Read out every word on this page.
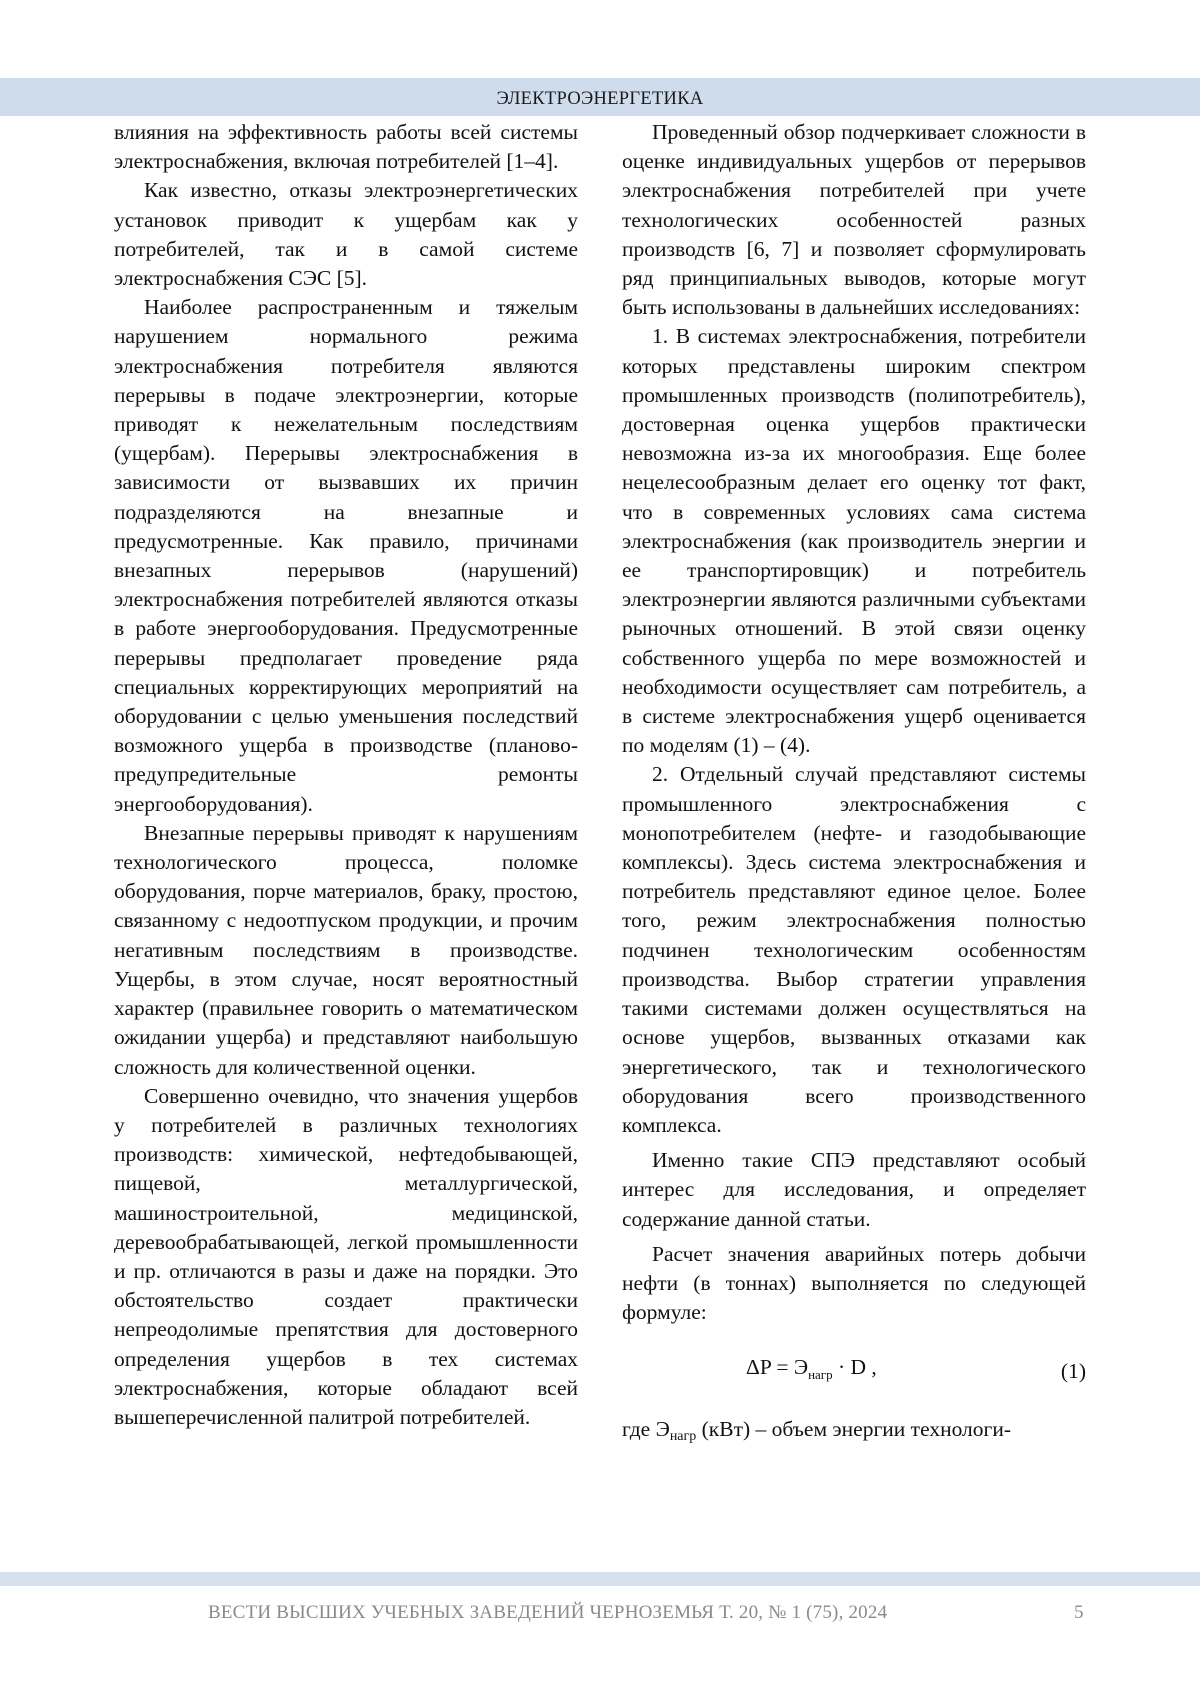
ЭЛЕКТРОЭНЕРГЕТИКА

влияния на эффективность работы всей системы электроснабжения, включая потребителей [1–4].

Как известно, отказы электроэнергетических установок приводит к ущербам как у потребителей, так и в самой системе электроснабжения СЭС [5].

Наиболее распространенным и тяжелым нарушением нормального режима электроснабжения потребителя являются перерывы в подаче электроэнергии, которые приводят к нежелательным последствиям (ущербам). Перерывы электроснабжения в зависимости от вызвавших их причин подразделяются на внезапные и предусмотренные. Как правило, причинами внезапных перерывов (нарушений) электроснабжения потребителей являются отказы в работе энергооборудования. Предусмотренные перерывы предполагает проведение ряда специальных корректирующих мероприятий на оборудовании с целью уменьшения последствий возможного ущерба в производстве (планово-предупредительные ремонты энергооборудования).

Внезапные перерывы приводят к нарушениям технологического процесса, поломке оборудования, порче материалов, браку, простою, связанному с недоотпуском продукции, и прочим негативным последствиям в производстве. Ущербы, в этом случае, носят вероятностный характер (правильнее говорить о математическом ожидании ущерба) и представляют наибольшую сложность для количественной оценки.

Совершенно очевидно, что значения ущербов у потребителей в различных технологиях производств: химической, нефтедобывающей, пищевой, металлургической, машиностроительной, медицинской, деревообрабатывающей, легкой промышленности и пр. отличаются в разы и даже на порядки. Это обстоятельство создает практически непреодолимые препятствия для достоверного определения ущербов в тех системах электроснабжения, которые обладают всей вышеперечисленной палитрой потребителей.

Проведенный обзор подчеркивает сложности в оценке индивидуальных ущербов от перерывов электроснабжения потребителей при учете технологических особенностей разных производств [6, 7] и позволяет сформулировать ряд принципиальных выводов, которые могут быть использованы в дальнейших исследованиях:

1. В системах электроснабжения, потребители которых представлены широким спектром промышленных производств (полипотребитель), достоверная оценка ущербов практически невозможна из-за их многообразия. Еще более нецелесообразным делает его оценку тот факт, что в современных условиях сама система электроснабжения (как производитель энергии и ее транспортировщик) и потребитель электроэнергии являются различными субъектами рыночных отношений. В этой связи оценку собственного ущерба по мере возможностей и необходимости осуществляет сам потребитель, а в системе электроснабжения ущерб оценивается по моделям (1) – (4).

2. Отдельный случай представляют системы промышленного электроснабжения с монопотребителем (нефте- и газодобывающие комплексы). Здесь система электроснабжения и потребитель представляют единое целое. Более того, режим электроснабжения полностью подчинен технологическим особенностям производства. Выбор стратегии управления такими системами должен осуществляться на основе ущербов, вызванных отказами как энергетического, так и технологического оборудования всего производственного комплекса.

Именно такие СПЭ представляют особый интерес для исследования, и определяет содержание данной статьи.

Расчет значения аварийных потерь добычи нефти (в тоннах) выполняется по следующей формуле:

$\Delta P = Э_{нагр} \cdot D$ ,	(1)

где $Э_{нагр}$ (кВт) – объем энергии технологи-

ВЕСТИ ВЫСШИХ УЧЕБНЫХ ЗАВЕДЕНИЙ ЧЕРНОЗЕМЬЯ Т. 20, № 1 (75), 2024	5
